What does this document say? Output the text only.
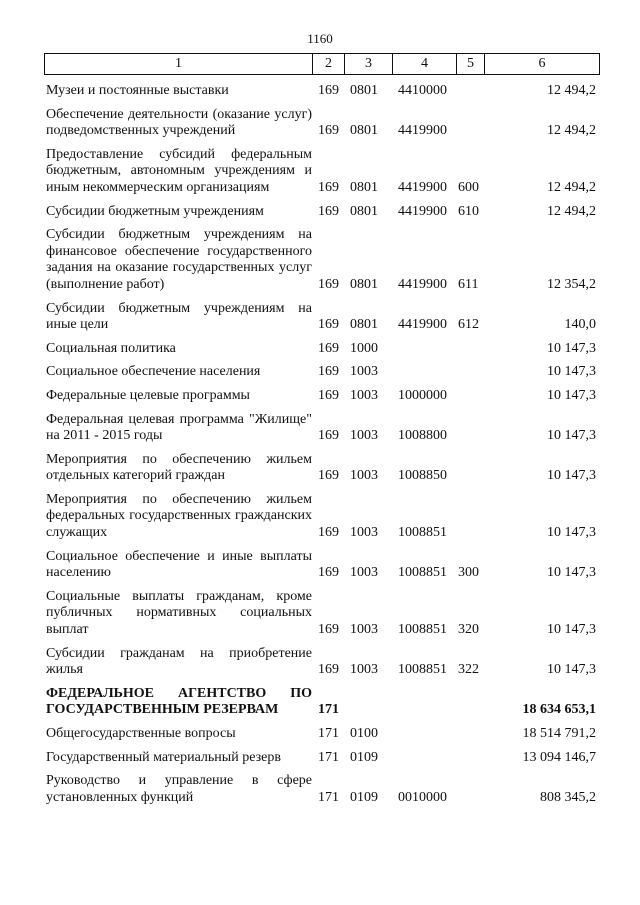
1160
1	2	3	4	5	6
Музеи и постоянные выставки	169 0801	4410000	12 494,2
Обеспечение деятельности (оказание услуг) подведомственных учреждений	169 0801	4419900	12 494,2
Предоставление субсидий федеральным бюджетным, автономным учреждениям и иным некоммерческим организациям	169 0801	4419900 600	12 494,2
Субсидии бюджетным учреждениям	169 0801	4419900 610	12 494,2
Субсидии бюджетным учреждениям на финансовое обеспечение государственного задания на оказание государственных услуг (выполнение работ)	169 0801	4419900 611	12 354,2
Субсидии бюджетным учреждениям на иные цели	169 0801	4419900 612	140,0
Социальная политика	169 1000	10 147,3
Социальное обеспечение населения	169 1003	10 147,3
Федеральные целевые программы	169 1003	1000000	10 147,3
Федеральная целевая программа "Жилище" на 2011 - 2015 годы	169 1003	1008800	10 147,3
Мероприятия по обеспечению жильем отдельных категорий граждан	169 1003	1008850	10 147,3
Мероприятия по обеспечению жильем федеральных государственных гражданских служащих	169 1003	1008851	10 147,3
Социальное обеспечение и иные выплаты населению	169 1003	1008851 300	10 147,3
Социальные выплаты гражданам, кроме публичных нормативных социальных выплат	169 1003	1008851 320	10 147,3
Субсидии гражданам на приобретение жилья	169 1003	1008851 322	10 147,3
ФЕДЕРАЛЬНОЕ АГЕНТСТВО ПО ГОСУДАРСТВЕННЫМ РЕЗЕРВАМ	171	18 634 653,1
Общегосударственные вопросы	171 0100	18 514 791,2
Государственный материальный резерв	171 0109	13 094 146,7
Руководство и управление в сфере установленных функций	171 0109	0010000	808 345,2
